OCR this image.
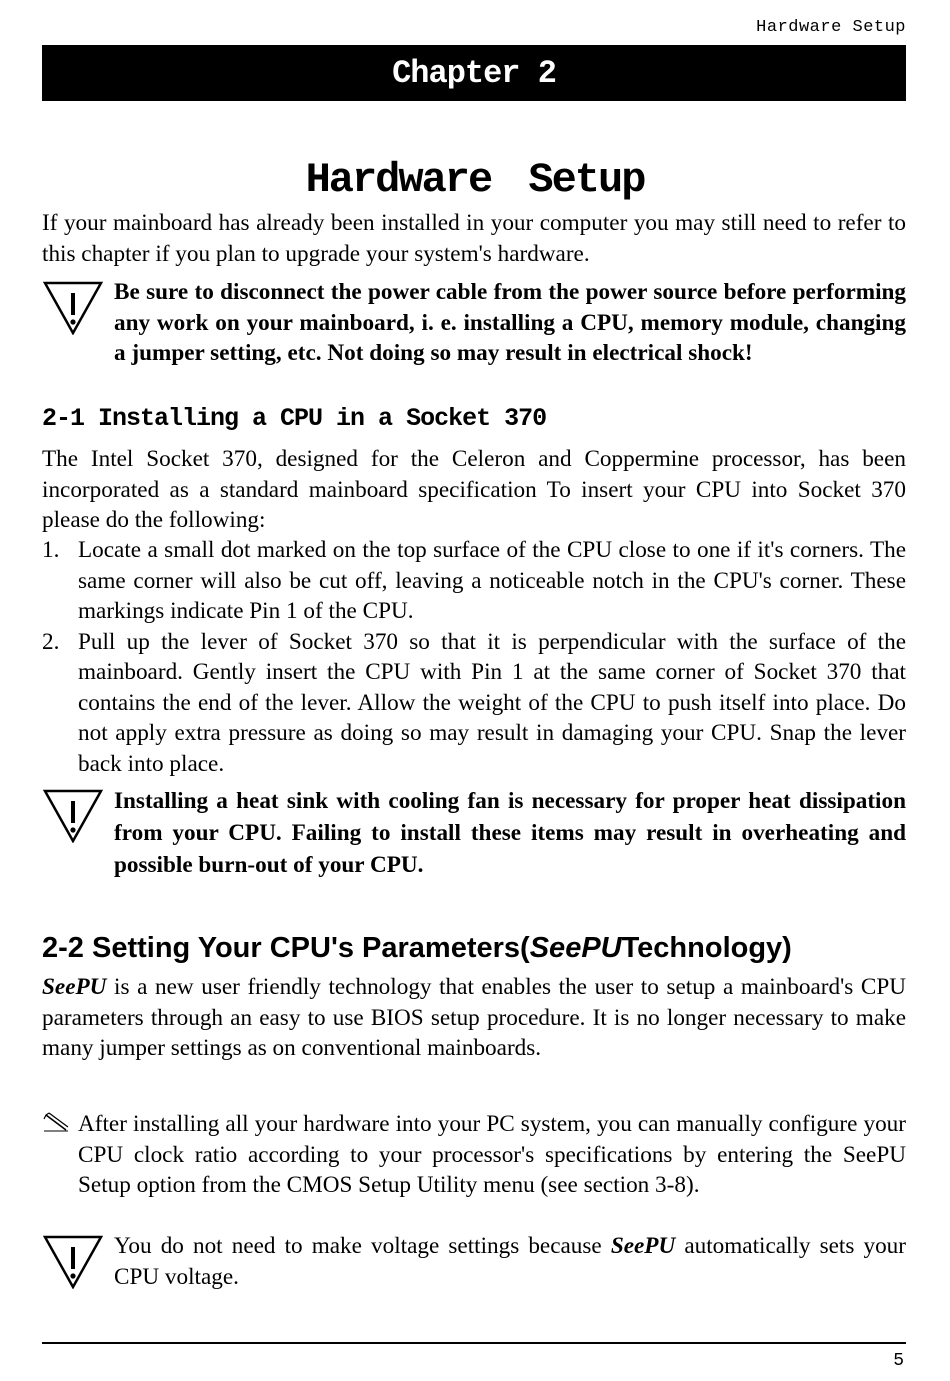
Hardware Setup
Chapter 2
Hardware Setup

If your mainboard has already been installed in your computer you may still need to refer to this chapter if you plan to upgrade your system's hardware.

Be sure to disconnect the power cable from the power source before performing any work on your mainboard, i. e. installing a CPU, memory module, changing a jumper setting, etc. Not doing so may result in electrical shock!
2-1 Installing a CPU in a Socket 370

The Intel Socket 370, designed for the Celeron and Coppermine processor, has been incorporated as a standard mainboard specification To insert your CPU into Socket 370 please do the following:

1. Locate a small dot marked on the top surface of the CPU close to one if it's corners. The same corner will also be cut off, leaving a noticeable notch in the CPU's corner. These markings indicate Pin 1 of the CPU.
2. Pull up the lever of Socket 370 so that it is perpendicular with the surface of the mainboard. Gently insert the CPU with Pin 1 at the same corner of Socket 370 that contains the end of the lever. Allow the weight of the CPU to push itself into place. Do not apply extra pressure as doing so may result in damaging your CPU. Snap the lever back into place.
Installing a heat sink with cooling fan is necessary for proper heat dissipation from your CPU. Failing to install these items may result in overheating and possible burn-out of your CPU.
2-2 Setting Your CPU's Parameters(SeePUTechnology)

SeePU is a new user friendly technology that enables the user to setup a mainboard's CPU parameters through an easy to use BIOS setup procedure. It is no longer necessary to make many jumper settings as on conventional mainboards.

After installing all your hardware into your PC system, you can manually configure your CPU clock ratio according to your processor's specifications by entering the SeePU Setup option from the CMOS Setup Utility menu (see section 3-8).
You do not need to make voltage settings because SeePU automatically sets your CPU voltage.
5
